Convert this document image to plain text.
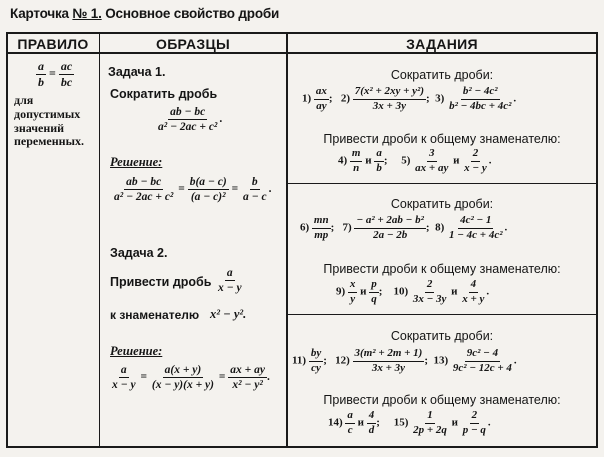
Карточка № 1. Основное свойство дроби
ПРАВИЛО	ОБРАЗЦЫ	ЗАДАНИЯ
$\frac{a}{b} = \frac{ac}{bc}$
для допустимых значений переменных.
Задача 1.
Сократить дробь
$\frac{ab - bc}{\text{a² − 2ac + c²}}$ .
Решение:
$\frac{ab - bc}{\text{a² − 2ac + c²}} = \frac{b(a - c)}{\text{(a − c)²}} = \frac{b}{a - c}$ .
Задача 2.
Привести дробь $\frac{a}{x - y}$
к знаменателю x² − y².
Решение:
$\frac{a}{x - y} = \frac{a(x + y)}{(x - y)(x + y)} = \frac{ax + ay}{\text{x² − y²}}$ .
Сократить дроби:
$1) \frac{ax}{ay}$ ; $2) \frac{\text{7(x² + 2xy + y²)}}{3x + 3y}$ ; $3) \frac{\text{b² − 4c²}}{\text{b² − 4bc + 4c²}}$ .
Привести дроби к общему знаменателю:
$4) \frac{m}{n}$ и $\frac{a}{b}$ ; $5) \frac{3}{ax + ay}$ и $\frac{2}{x - y}$ .
Сократить дроби:
$6) \frac{mn}{mp}$ ; $7) \frac{\text{− a² + 2ab − b²}}{2a - 2b}$ ; $8) \frac{\text{4c² − 1}}{\text{1 − 4c + 4c²}}$ .
Привести дроби к общему знаменателю:
$9) \frac{x}{y}$ и $\frac{p}{q}$ ; $10) \frac{2}{3x - 3y}$ и $\frac{4}{x + y}$ .
Сократить дроби:
$11) \frac{by}{cy}$ ; $12) \frac{\text{3(m² + 2m + 1)}}{3x + 3y}$ ; $13) \frac{\text{9c² − 4}}{\text{9c² − 12c + 4}}$ .
Привести дроби к общему знаменателю:
$14) \frac{a}{c}$ и $\frac{4}{d}$ ; $15) \frac{1}{2p + 2q}$ и $\frac{2}{p - q}$ .
